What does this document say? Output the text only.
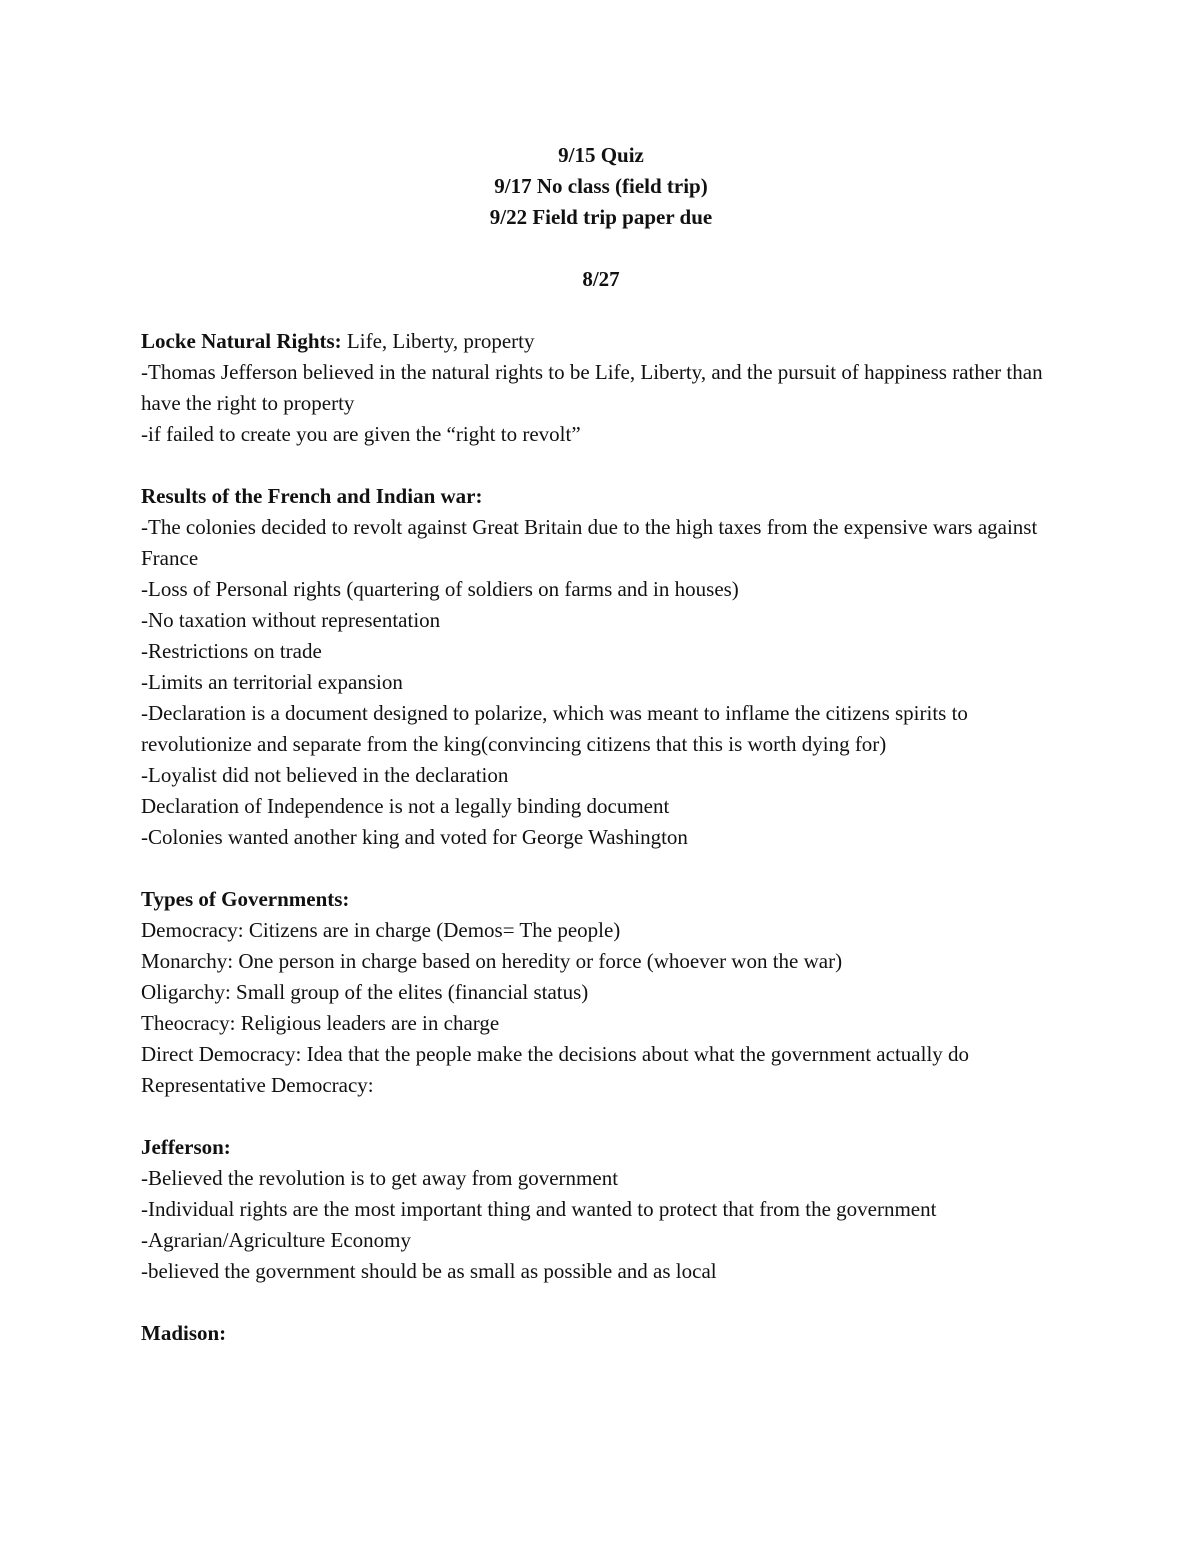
9/15 Quiz
9/17 No class (field trip)
9/22 Field trip paper due
8/27
Locke Natural Rights: Life, Liberty, property
-Thomas Jefferson believed in the natural rights to be Life, Liberty, and the pursuit of happiness rather than have the right to property
-if failed to create you are given the “right to revolt”
Results of the French and Indian war:
-The colonies decided to revolt against Great Britain due to the high taxes from the expensive wars against France
-Loss of Personal rights (quartering of soldiers on farms and in houses)
-No taxation without representation
-Restrictions on trade
-Limits an territorial expansion
-Declaration is a document designed to polarize, which was meant to inflame the citizens spirits to revolutionize and separate from the king(convincing citizens that this is worth dying for)
-Loyalist did not believed in the declaration
Declaration of Independence is not a legally binding document
-Colonies wanted another king and voted for George Washington
Types of Governments:
Democracy: Citizens are in charge (Demos= The people)
Monarchy: One person in charge based on heredity or force (whoever won the war)
Oligarchy: Small group of the elites (financial status)
Theocracy: Religious leaders are in charge
Direct Democracy: Idea that the people make the decisions about what the government actually do
Representative Democracy:
Jefferson:
-Believed the revolution is to get away from government
-Individual rights are the most important thing and wanted to protect that from the government
-Agrarian/Agriculture Economy
-believed the government should be as small as possible and as local
Madison:
